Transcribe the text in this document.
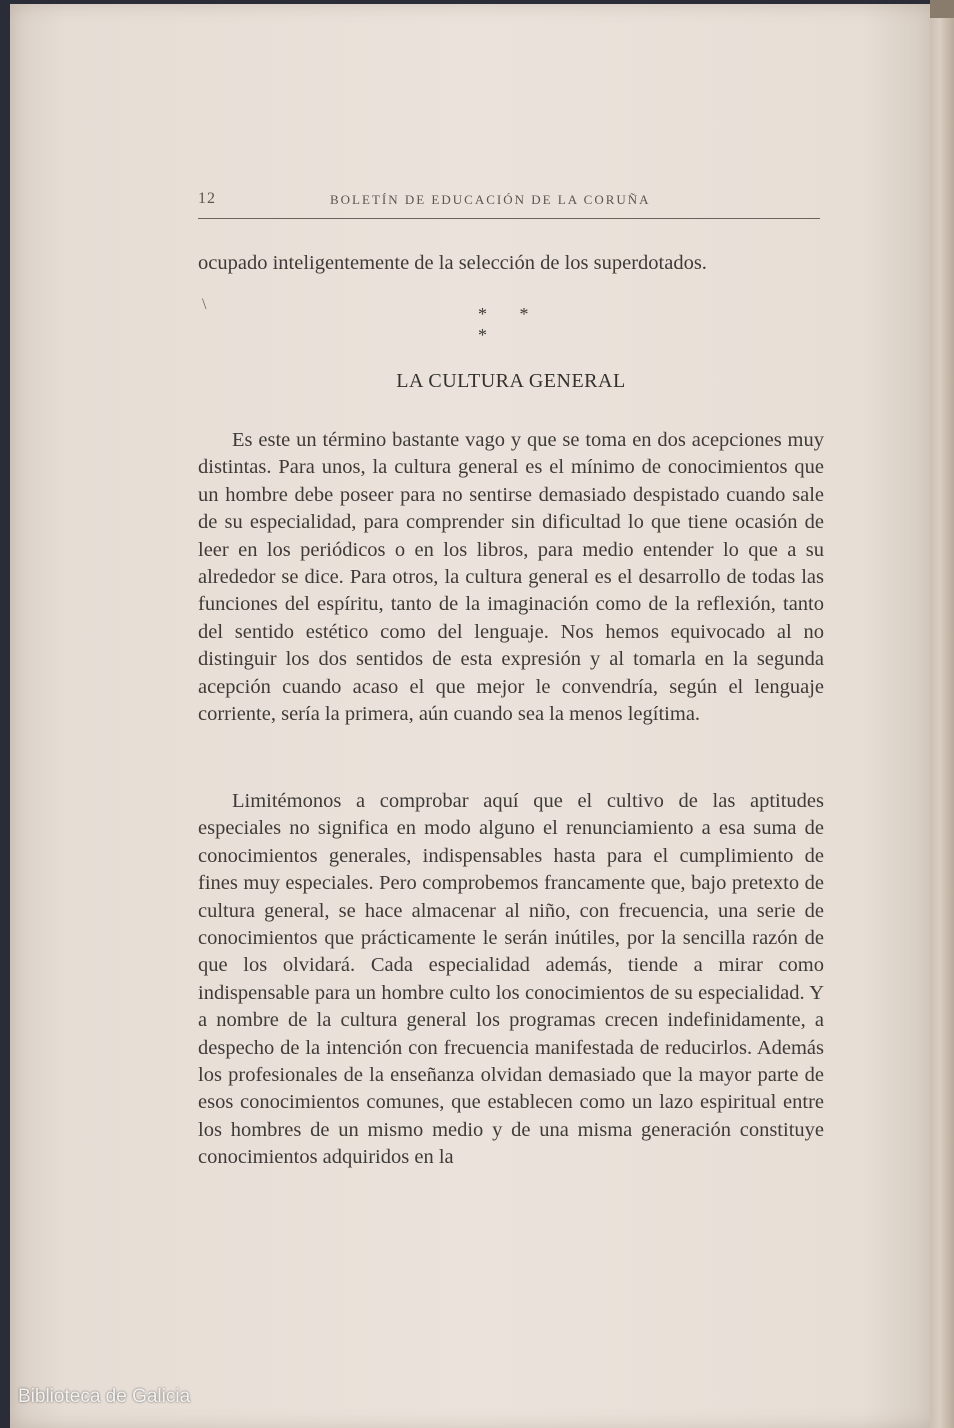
12	BOLETÍN DE EDUCACIÓN DE LA CORUÑA
ocupado inteligentemente de la selección de los superdotados.
\	* * *
LA CULTURA GENERAL

Es este un término bastante vago y que se toma en dos acepciones muy distintas. Para unos, la cultura general es el mínimo de conocimientos que un hombre debe poseer para no sentirse demasiado despistado cuando sale de su especialidad, para comprender sin dificultad lo que tiene ocasión de leer en los periódicos o en los libros, para medio entender lo que a su alrededor se dice. Para otros, la cultura general es el desarrollo de todas las funciones del espíritu, tanto de la imaginación como de la reflexión, tanto del sentido estético como del lenguaje. Nos hemos equivocado al no distinguir los dos sentidos de esta expresión y al tomarla en la segunda acepción cuando acaso el que mejor le convendría, según el lenguaje corriente, sería la primera, aún cuando sea la menos legítima.

Limitémonos a comprobar aquí que el cultivo de las aptitudes especiales no significa en modo alguno el renunciamiento a esa suma de conocimientos generales, indispensables hasta para el cumplimiento de fines muy especiales. Pero comprobemos francamente que, bajo pretexto de cultura general, se hace almacenar al niño, con frecuencia, una serie de conocimientos que prácticamente le serán inútiles, por la sencilla razón de que los olvidará. Cada especialidad además, tiende a mirar como indispensable para un hombre culto los conocimientos de su especialidad. Y a nombre de la cultura general los programas crecen indefinidamente, a despecho de la intención con frecuencia manifestada de reducirlos. Además los profesionales de la enseñanza olvidan demasiado que la mayor parte de esos conocimientos comunes, que establecen como un lazo espiritual entre los hombres de un mismo medio y de una misma generación constituye conocimientos adquiridos en la

Biblioteca de Galicia
